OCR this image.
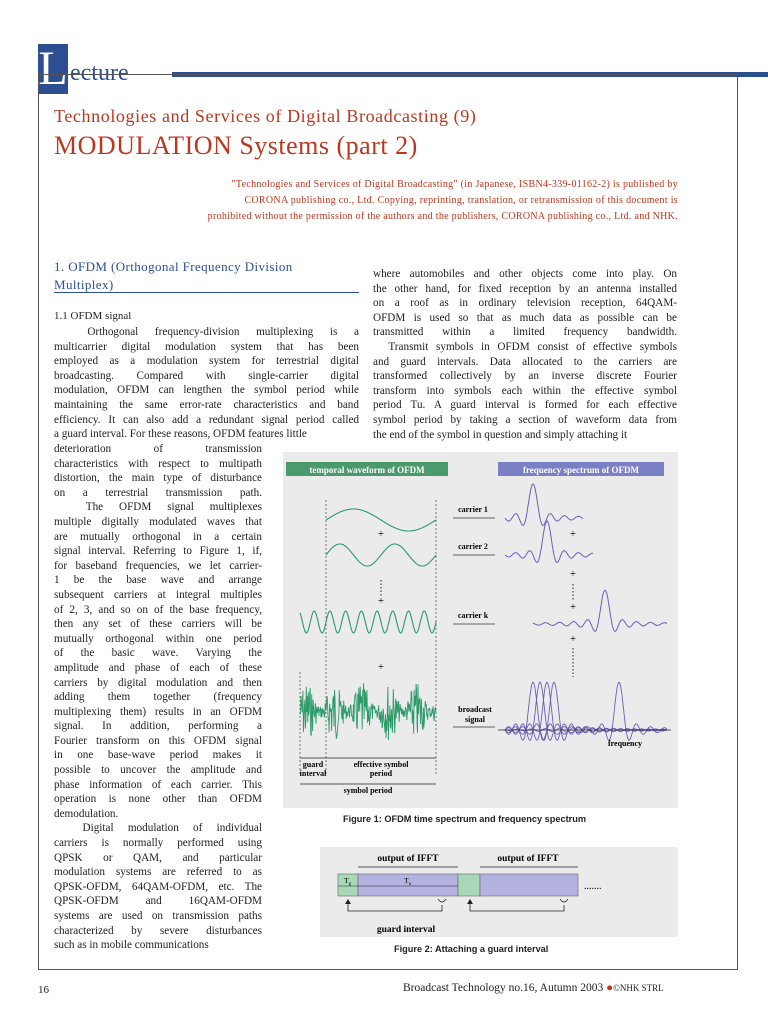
L ecture
Technologies and Services of Digital Broadcasting (9)
MODULATION Systems (part 2)
"Technologies and Services of Digital Broadcasting" (in Japanese, ISBN4-339-01162-2) is published by
CORONA publishing co., Ltd. Copying, reprinting, translation, or retransmission of this document is
prohibited without the permission of the authors and the publishers, CORONA publishing co., Ltd. and NHK.
1. OFDM (Orthogonal Frequency Division
Multiplex)
1.1 OFDM signal
Orthogonal frequency-division multiplexing is a
multicarrier digital modulation system that has been
employed as a modulation system for terrestrial digital
broadcasting. Compared with single-carrier digital
modulation, OFDM can lengthen the symbol period while
maintaining the same error-rate characteristics and band
efficiency. It can also add a redundant signal period called
a guard interval. For these reasons, OFDM features little
deterioration of transmission
characteristics with respect to multipath
distortion, the main type of disturbance
on a terrestrial transmission path.
The OFDM signal multiplexes
multiple digitally modulated waves that
are mutually orthogonal in a certain
signal interval. Referring to Figure 1, if,
for baseband frequencies, we let carrier-
1 be the base wave and arrange
subsequent carriers at integral multiples
of 2, 3, and so on of the base frequency,
then any set of these carriers will be
mutually orthogonal within one period
of the basic wave. Varying the
amplitude and phase of each of these
carriers by digital modulation and then
adding them together (frequency
multiplexing them) results in an OFDM
signal. In addition, performing a
Fourier transform on this OFDM signal
in one base-wave period makes it
possible to uncover the amplitude and
phase information of each carrier. This
operation is none other than OFDM
demodulation.
Digital modulation of individual
carriers is normally performed using
QPSK or QAM, and particular
modulation systems are referred to as
QPSK-OFDM, 64QAM-OFDM, etc. The
QPSK-OFDM and 16QAM-OFDM
systems are used on transmission paths
characterized by severe disturbances
such as in mobile communications
where automobiles and other objects come into play. On
the other hand, for fixed reception by an antenna installed
on a roof as in ordinary television reception, 64QAM-
OFDM is used so that as much data as possible can be
transmitted within a limited frequency bandwidth.
Transmit symbols in OFDM consist of effective symbols
and guard intervals. Data allocated to the carriers are
transformed collectively by an inverse discrete Fourier
transform into symbols each within the effective symbol
period Tu. A guard interval is formed for each effective
symbol period by taking a section of waveform data from
the end of the symbol in question and simply attaching it
temporal waveform of OFDM	frequency spectrum of OFDM
+
+
+
carrier 1
carrier 2
carrier k
broadcast
signal
+
+
+
+
frequency
guard
interval
effective symbol
period
symbol period
Figure 1: OFDM time spectrum and frequency spectrum
output of IFFT	output of IFFT
$T_g$	$T_u$	.......
guard interval
Figure 2: Attaching a guard interval
16	Broadcast Technology no.16, Autumn 2003 ●©NHK STRL
